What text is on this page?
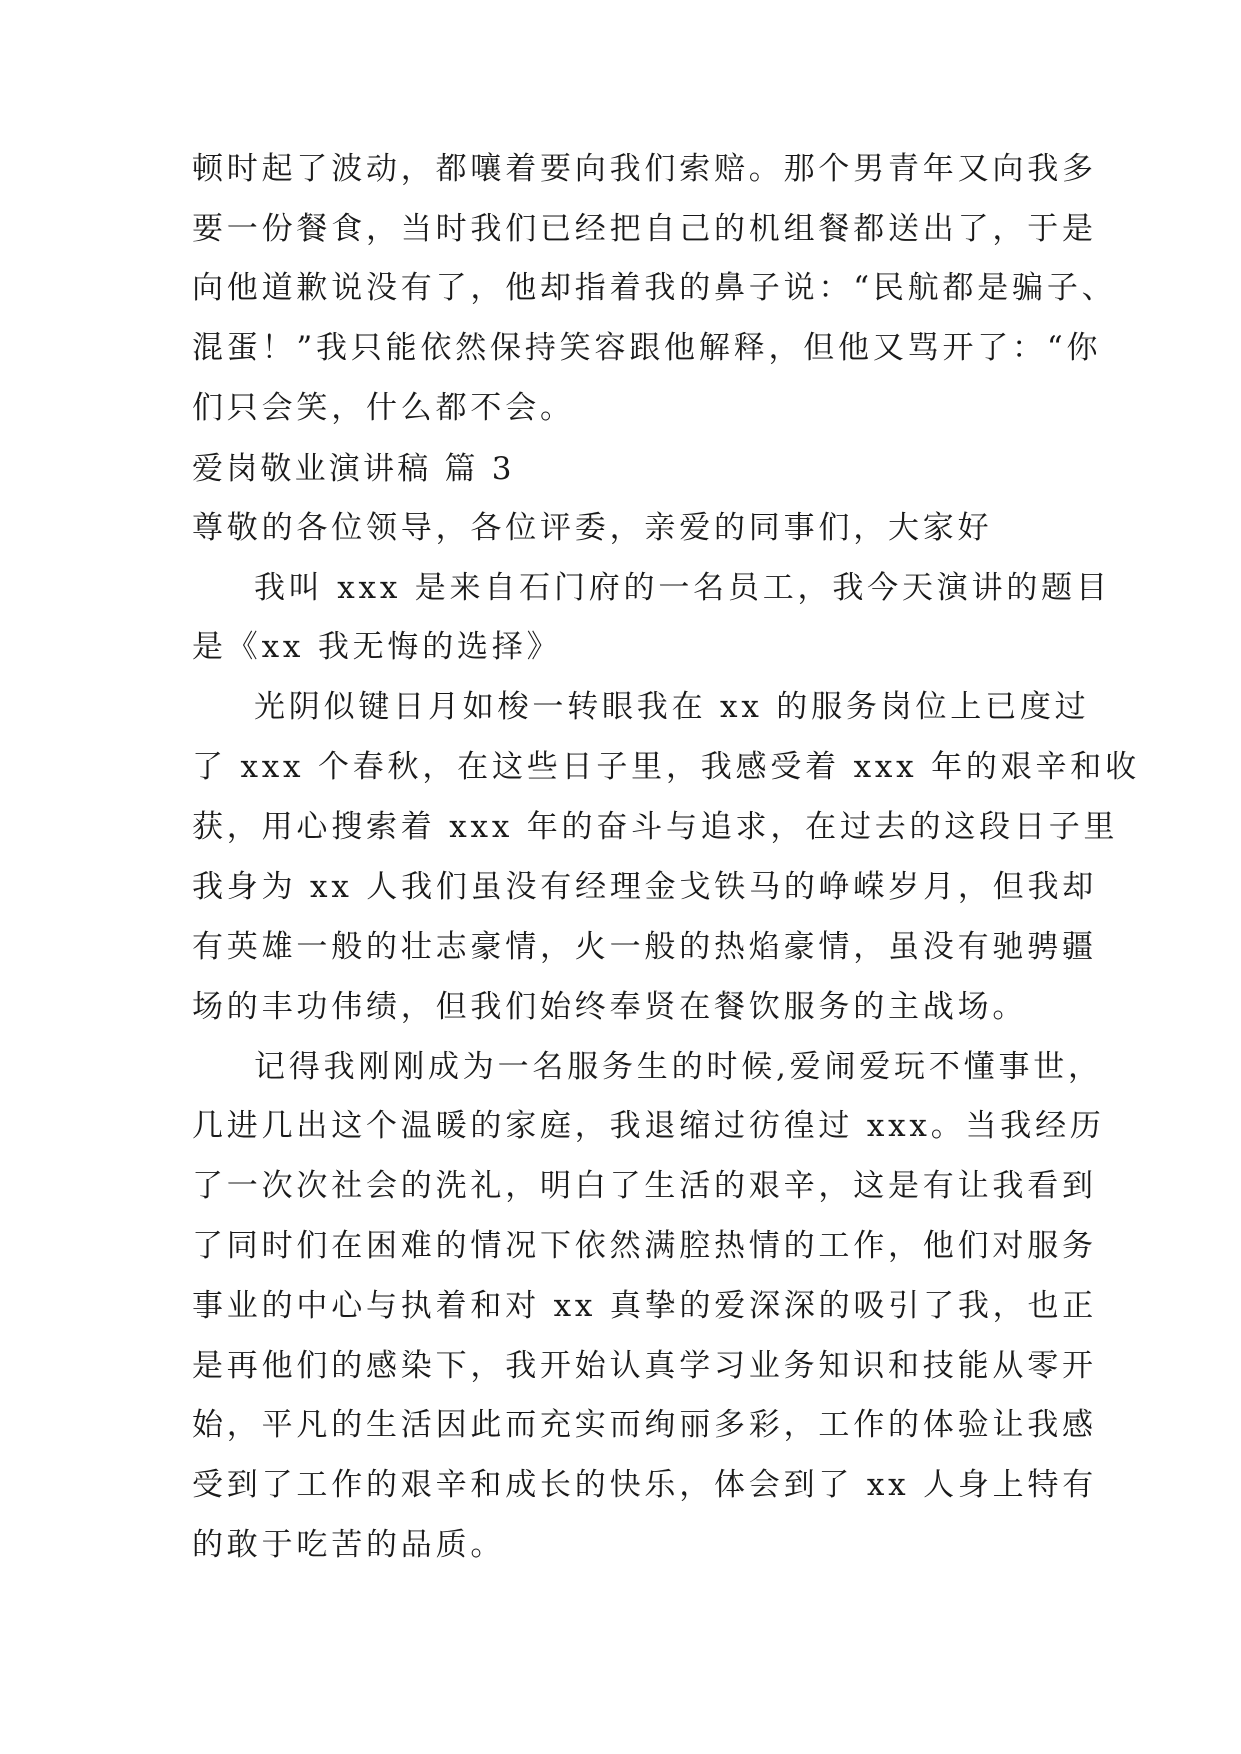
顿时起了波动，都嚷着要向我们索赔。那个男青年又向我多

要一份餐食，当时我们已经把自己的机组餐都送出了，于是

向他道歉说没有了，他却指着我的鼻子说：“民航都是骗子、

混蛋！”我只能依然保持笑容跟他解释，但他又骂开了：“你

们只会笑，什么都不会。

爱岗敬业演讲稿 篇 3

尊敬的各位领导，各位评委，亲爱的同事们，大家好

我叫 xxx 是来自石门府的一名员工，我今天演讲的题目

是《xx 我无悔的选择》

光阴似键日月如梭一转眼我在 xx 的服务岗位上已度过

了 xxx 个春秋，在这些日子里，我感受着 xxx 年的艰辛和收

获，用心搜索着 xxx 年的奋斗与追求，在过去的这段日子里

我身为 xx 人我们虽没有经理金戈铁马的峥嵘岁月，但我却

有英雄一般的壮志豪情，火一般的热焰豪情，虽没有驰骋疆

场的丰功伟绩，但我们始终奉贤在餐饮服务的主战场。

记得我刚刚成为一名服务生的时候,爱闹爱玩不懂事世，

几进几出这个温暖的家庭，我退缩过彷徨过 xxx。当我经历

了一次次社会的洗礼，明白了生活的艰辛，这是有让我看到

了同时们在困难的情况下依然满腔热情的工作，他们对服务

事业的中心与执着和对 xx 真挚的爱深深的吸引了我，也正

是再他们的感染下，我开始认真学习业务知识和技能从零开

始，平凡的生活因此而充实而绚丽多彩，工作的体验让我感

受到了工作的艰辛和成长的快乐，体会到了 xx 人身上特有

的敢于吃苦的品质。
